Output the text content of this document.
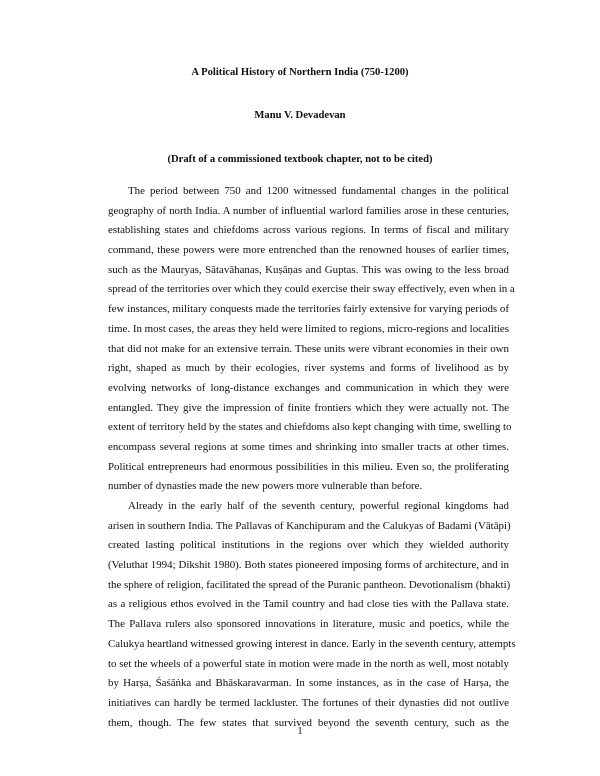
A Political History of Northern India (750-1200)
Manu V. Devadevan
(Draft of a commissioned textbook chapter, not to be cited)
The period between 750 and 1200 witnessed fundamental changes in the political
geography of north India. A number of influential warlord families arose in these centuries,
establishing states and chiefdoms across various regions. In terms of fiscal and military
command, these powers were more entrenched than the renowned houses of earlier times,
such as the Mauryas, Sātavāhanas, Kuṣāṇas and Guptas. This was owing to the less broad
spread of the territories over which they could exercise their sway effectively, even when in a
few instances, military conquests made the territories fairly extensive for varying periods of
time. In most cases, the areas they held were limited to regions, micro-regions and localities
that did not make for an extensive terrain. These units were vibrant economies in their own
right, shaped as much by their ecologies, river systems and forms of livelihood as by
evolving networks of long-distance exchanges and communication in which they were
entangled. They give the impression of finite frontiers which they were actually not. The
extent of territory held by the states and chiefdoms also kept changing with time, swelling to
encompass several regions at some times and shrinking into smaller tracts at other times.
Political entrepreneurs had enormous possibilities in this milieu. Even so, the proliferating
number of dynasties made the new powers more vulnerable than before.
Already in the early half of the seventh century, powerful regional kingdoms had
arisen in southern India. The Pallavas of Kanchipuram and the Calukyas of Badami (Vātāpi)
created lasting political institutions in the regions over which they wielded authority
(Veluthat 1994; Dikshit 1980). Both states pioneered imposing forms of architecture, and in
the sphere of religion, facilitated the spread of the Puranic pantheon. Devotionalism (bhakti)
as a religious ethos evolved in the Tamil country and had close ties with the Pallava state.
The Pallava rulers also sponsored innovations in literature, music and poetics, while the
Calukya heartland witnessed growing interest in dance. Early in the seventh century, attempts
to set the wheels of a powerful state in motion were made in the north as well, most notably
by Harṣa, Śaśāṅka and Bhāskaravarman. In some instances, as in the case of Harṣa, the
initiatives can hardly be termed lackluster. The fortunes of their dynasties did not outlive
them, though. The few states that survived beyond the seventh century, such as the
1
